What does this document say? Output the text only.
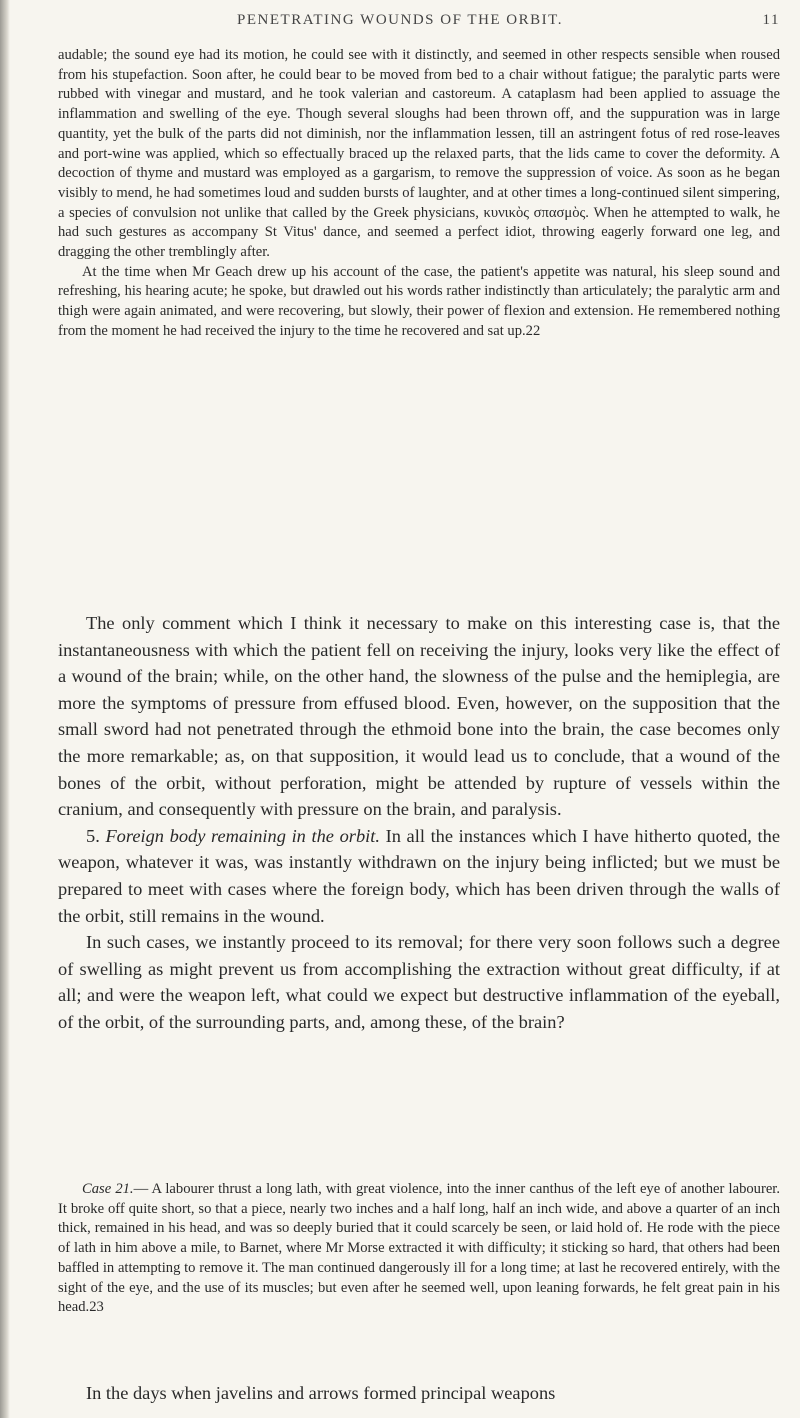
PENETRATING WOUNDS OF THE ORBIT.	11

audable; the sound eye had its motion, he could see with it distinctly, and seemed in other respects sensible when roused from his stupefaction. Soon after, he could bear to be moved from bed to a chair without fatigue; the paralytic parts were rubbed with vinegar and mustard, and he took valerian and castoreum. A cataplasm had been applied to assuage the inflammation and swelling of the eye. Though several sloughs had been thrown off, and the suppuration was in large quantity, yet the bulk of the parts did not diminish, nor the inflammation lessen, till an astringent fotus of red rose-leaves and port-wine was applied, which so effectually braced up the relaxed parts, that the lids came to cover the deformity. A decoction of thyme and mustard was employed as a gargarism, to remove the suppression of voice. As soon as he began visibly to mend, he had sometimes loud and sudden bursts of laughter, and at other times a long-continued silent simpering, a species of convulsion not unlike that called by the Greek physicians, κυνικὸς σπασμὸς. When he attempted to walk, he had such gestures as accompany St Vitus' dance, and seemed a perfect idiot, throwing eagerly forward one leg, and dragging the other tremblingly after.

At the time when Mr Geach drew up his account of the case, the patient's appetite was natural, his sleep sound and refreshing, his hearing acute; he spoke, but drawled out his words rather indistinctly than articulately; the paralytic arm and thigh were again animated, and were recovering, but slowly, their power of flexion and extension. He remembered nothing from the moment he had received the injury to the time he recovered and sat up.22

The only comment which I think it necessary to make on this interesting case is, that the instantaneousness with which the patient fell on receiving the injury, looks very like the effect of a wound of the brain; while, on the other hand, the slowness of the pulse and the hemiplegia, are more the symptoms of pressure from effused blood. Even, however, on the supposition that the small sword had not penetrated through the ethmoid bone into the brain, the case becomes only the more remarkable; as, on that supposition, it would lead us to conclude, that a wound of the bones of the orbit, without perforation, might be attended by rupture of vessels within the cranium, and consequently with pressure on the brain, and paralysis.

5. Foreign body remaining in the orbit. In all the instances which I have hitherto quoted, the weapon, whatever it was, was instantly withdrawn on the injury being inflicted; but we must be prepared to meet with cases where the foreign body, which has been driven through the walls of the orbit, still remains in the wound.

In such cases, we instantly proceed to its removal; for there very soon follows such a degree of swelling as might prevent us from accomplishing the extraction without great difficulty, if at all; and were the weapon left, what could we expect but destructive inflammation of the eyeball, of the orbit, of the surrounding parts, and, among these, of the brain?

Case 21.— A labourer thrust a long lath, with great violence, into the inner canthus of the left eye of another labourer. It broke off quite short, so that a piece, nearly two inches and a half long, half an inch wide, and above a quarter of an inch thick, remained in his head, and was so deeply buried that it could scarcely be seen, or laid hold of. He rode with the piece of lath in him above a mile, to Barnet, where Mr Morse extracted it with difficulty; it sticking so hard, that others had been baffled in attempting to remove it. The man continued dangerously ill for a long time; at last he recovered entirely, with the sight of the eye, and the use of its muscles; but even after he seemed well, upon leaning forwards, he felt great pain in his head.23

In the days when javelins and arrows formed principal weapons
